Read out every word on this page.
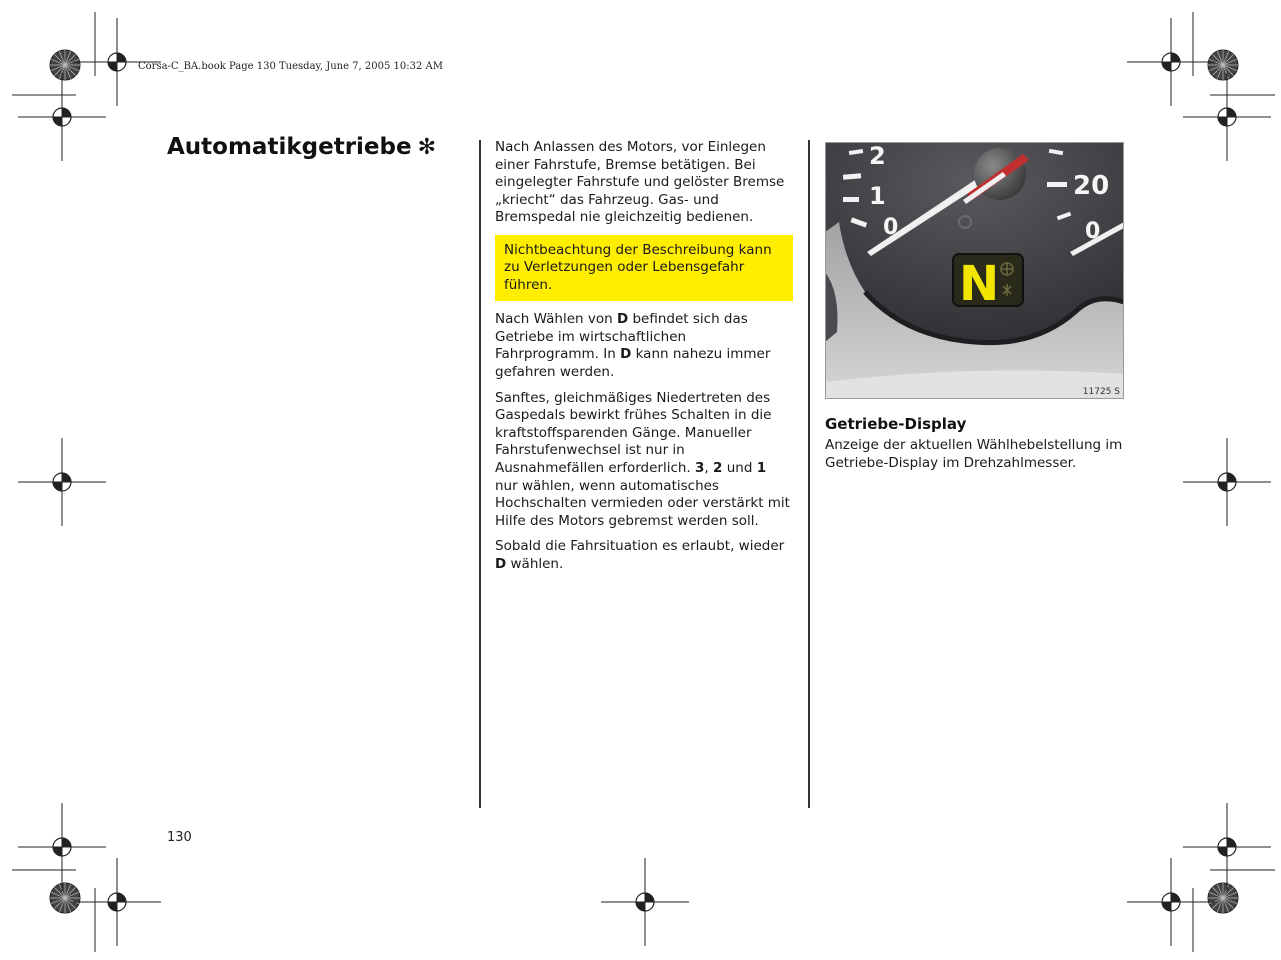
Corsa-C_BA.book Page 130 Tuesday, June 7, 2005 10:32 AM
Automatikgetriebe ✻	Nach Anlassen des Motors, vor Einlegen einer Fahrstufe, Bremse betätigen. Bei eingelegter Fahrstufe und gelöster Bremse „kriecht“ das Fahrzeug. Gas- und Bremspedal nie gleichzeitig bedienen.

Nichtbeachtung der Beschreibung kann zu Verletzungen oder Lebensgefahr führen.

Nach Wählen von D befindet sich das Getriebe im wirtschaftlichen Fahrprogramm. In D kann nahezu immer gefahren werden.

Sanftes, gleichmäßiges Niedertreten des Gaspedals bewirkt frühes Schalten in die kraftstoffsparenden Gänge. Manueller Fahrstufenwechsel ist nur in Ausnahmefällen erforderlich. 3, 2 und 1 nur wählen, wenn automatisches Hochschalten vermieden oder verstärkt mit Hilfe des Motors gebremst werden soll.

Sobald die Fahrsituation es erlaubt, wieder D wählen.

2
1
0
20
0
N
11725 S
Getriebe-Display

Anzeige der aktuellen Wählhebelstellung im Getriebe-Display im Drehzahlmesser.

130
